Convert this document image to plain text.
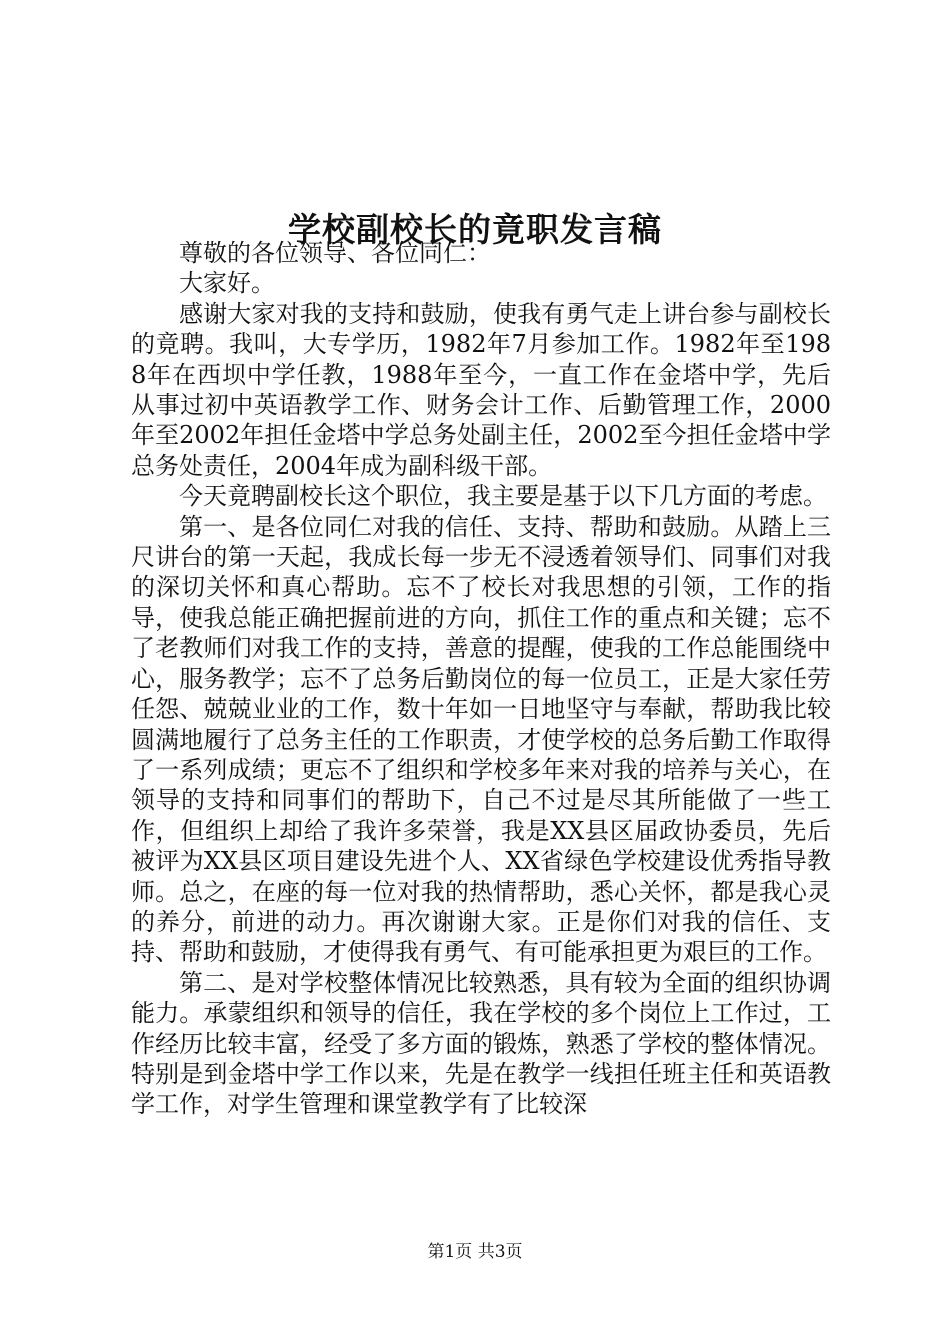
学校副校长的竟职发言稿

尊敬的各位领导、各位同仁：

大家好。

感谢大家对我的支持和鼓励，使我有勇气走上讲台参与副校长的竟聘。我叫，大专学历，1982年7月参加工作。1982年至1988年在西坝中学任教，1988年至今，一直工作在金塔中学，先后从事过初中英语教学工作、财务会计工作、后勤管理工作，2000年至2002年担任金塔中学总务处副主任，2002至今担任金塔中学总务处责任，2004年成为副科级干部。

今天竟聘副校长这个职位，我主要是基于以下几方面的考虑。

第一、是各位同仁对我的信任、支持、帮助和鼓励。从踏上三尺讲台的第一天起，我成长每一步无不浸透着领导们、同事们对我的深切关怀和真心帮助。忘不了校长对我思想的引领，工作的指导，使我总能正确把握前进的方向，抓住工作的重点和关键；忘不了老教师们对我工作的支持，善意的提醒，使我的工作总能围绕中心，服务教学；忘不了总务后勤岗位的每一位员工，正是大家任劳任怨、兢兢业业的工作，数十年如一日地坚守与奉献，帮助我比较圆满地履行了总务主任的工作职责，才使学校的总务后勤工作取得了一系列成绩；更忘不了组织和学校多年来对我的培养与关心，在领导的支持和同事们的帮助下，自己不过是尽其所能做了一些工作，但组织上却给了我许多荣誉，我是XX县区届政协委员，先后被评为XX县区项目建设先进个人、XX省绿色学校建设优秀指导教师。总之，在座的每一位对我的热情帮助，悉心关怀，都是我心灵的养分，前进的动力。再次谢谢大家。正是你们对我的信任、支持、帮助和鼓励，才使得我有勇气、有可能承担更为艰巨的工作。

第二、是对学校整体情况比较熟悉，具有较为全面的组织协调能力。承蒙组织和领导的信任，我在学校的多个岗位上工作过，工作经历比较丰富，经受了多方面的锻炼，熟悉了学校的整体情况。特别是到金塔中学工作以来，先是在教学一线担任班主任和英语教学工作，对学生管理和课堂教学有了比较深

第1页 共3页
